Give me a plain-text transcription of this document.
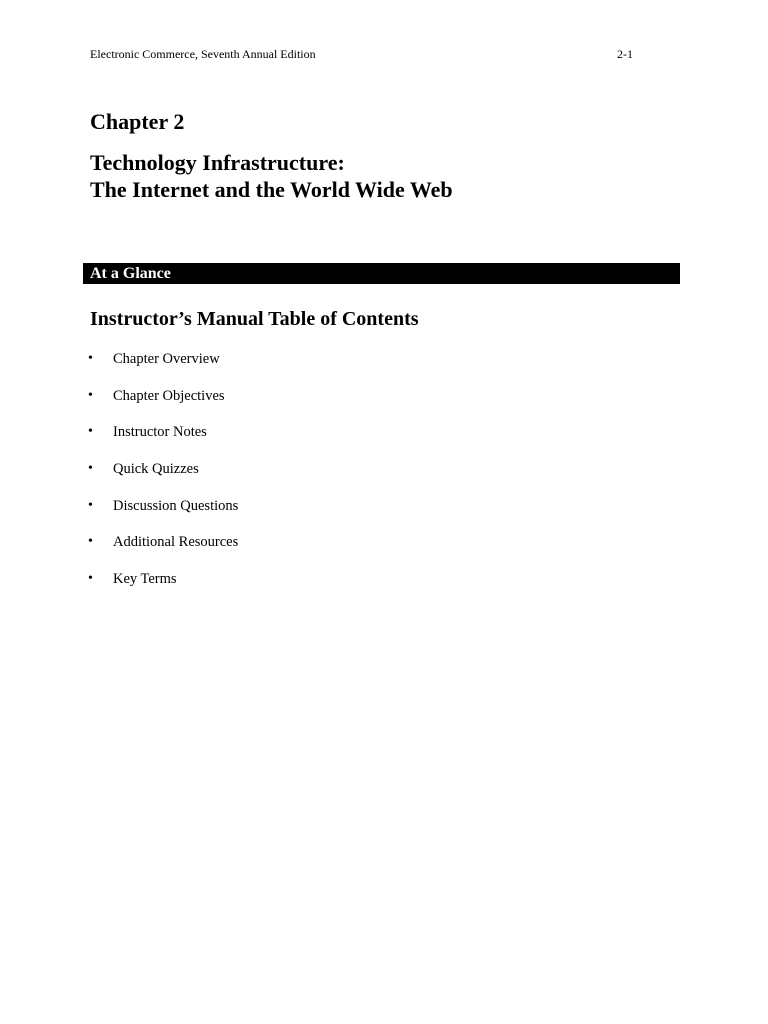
Electronic Commerce, Seventh Annual Edition	2-1
Chapter 2
Technology Infrastructure:
The Internet and the World Wide Web
At a Glance
Instructor’s Manual Table of Contents
•	Chapter Overview
•	Chapter Objectives
•	Instructor Notes
•	Quick Quizzes
•	Discussion Questions
•	Additional Resources
•	Key Terms
